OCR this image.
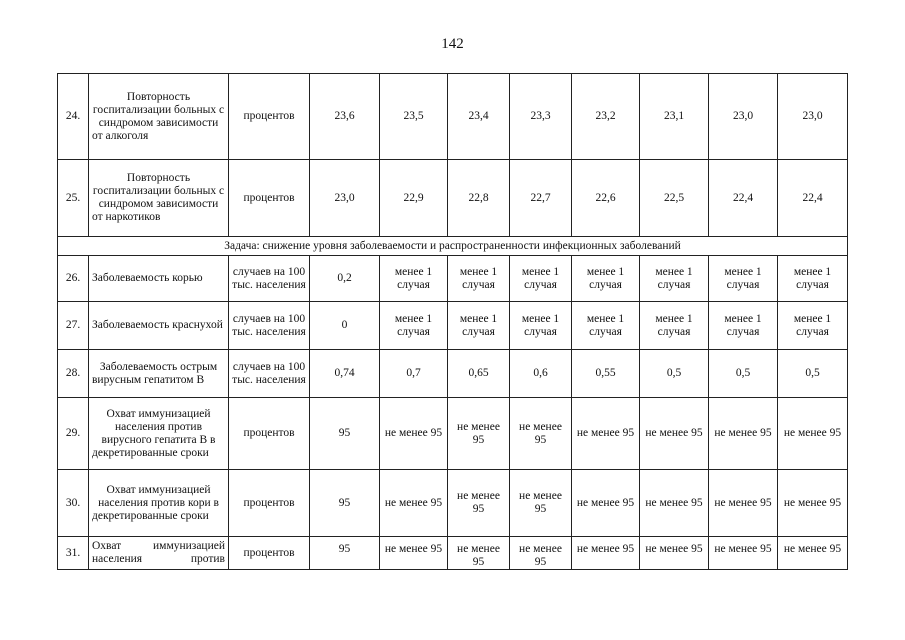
142
24.	Повторность госпитализации больных с синдромом зависимости от алкоголя	процентов	23,6	23,5	23,4	23,3	23,2	23,1	23,0	23,0
25.	Повторность госпитализации больных с синдромом зависимости от наркотиков	процентов	23,0	22,9	22,8	22,7	22,6	22,5	22,4	22,4
Задача: снижение уровня заболеваемости и распространенности инфекционных заболеваний										
26.	Заболеваемость корью	случаев на 100 тыс. населения	0,2	менее 1 случая	менее 1 случая	менее 1 случая	менее 1 случая	менее 1 случая	менее 1 случая	менее 1 случая
27.	Заболеваемость краснухой	случаев на 100 тыс. населения	0	менее 1 случая	менее 1 случая	менее 1 случая	менее 1 случая	менее 1 случая	менее 1 случая	менее 1 случая
28.	Заболеваемость острым вирусным гепатитом В	случаев на 100 тыс. населения	0,74	0,7	0,65	0,6	0,55	0,5	0,5	0,5
29.	Охват иммунизацией населения против вирусного гепатита В в декретированные сроки	процентов	95	не менее 95	не менее 95	не менее 95	не менее 95	не менее 95	не менее 95	не менее 95
30.	Охват иммунизацией населения против кори в декретированные сроки	процентов	95	не менее 95	не менее 95	не менее 95	не менее 95	не менее 95	не менее 95	не менее 95
31.	Охват иммунизацией населения против	процентов	95	не менее 95	не менее 95	не менее 95	не менее 95	не менее 95	не менее 95	не менее 95
